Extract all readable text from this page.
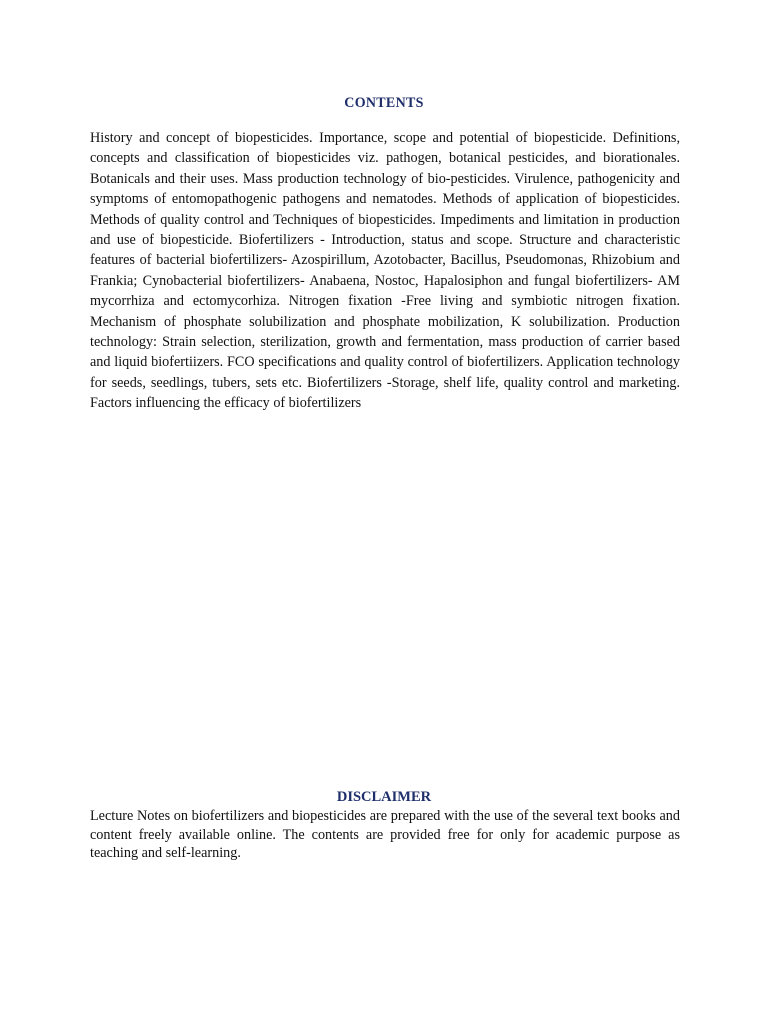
CONTENTS
History and concept of biopesticides. Importance, scope and potential of biopesticide. Definitions, concepts and classification of biopesticides viz. pathogen, botanical pesticides, and biorationales. Botanicals and their uses. Mass production technology of bio-pesticides. Virulence, pathogenicity and symptoms of entomopathogenic pathogens and nematodes. Methods of application of biopesticides. Methods of quality control and Techniques of biopesticides. Impediments and limitation in production and use of biopesticide. Biofertilizers - Introduction, status and scope. Structure and characteristic features of bacterial biofertilizers- Azospirillum, Azotobacter, Bacillus, Pseudomonas, Rhizobium and Frankia; Cynobacterial biofertilizers- Anabaena, Nostoc, Hapalosiphon and fungal biofertilizers- AM mycorrhiza and ectomycorhiza. Nitrogen fixation -Free living and symbiotic nitrogen fixation. Mechanism of phosphate solubilization and phosphate mobilization, K solubilization. Production technology: Strain selection, sterilization, growth and fermentation, mass production of carrier based and liquid biofertiizers. FCO specifications and quality control of biofertilizers. Application technology for seeds, seedlings, tubers, sets etc. Biofertilizers -Storage, shelf life, quality control and marketing. Factors influencing the efficacy of biofertilizers
DISCLAIMER
Lecture Notes on biofertilizers and biopesticides are prepared with the use of the several text books and content freely available online. The contents are provided free for only for academic purpose as teaching and self-learning.
